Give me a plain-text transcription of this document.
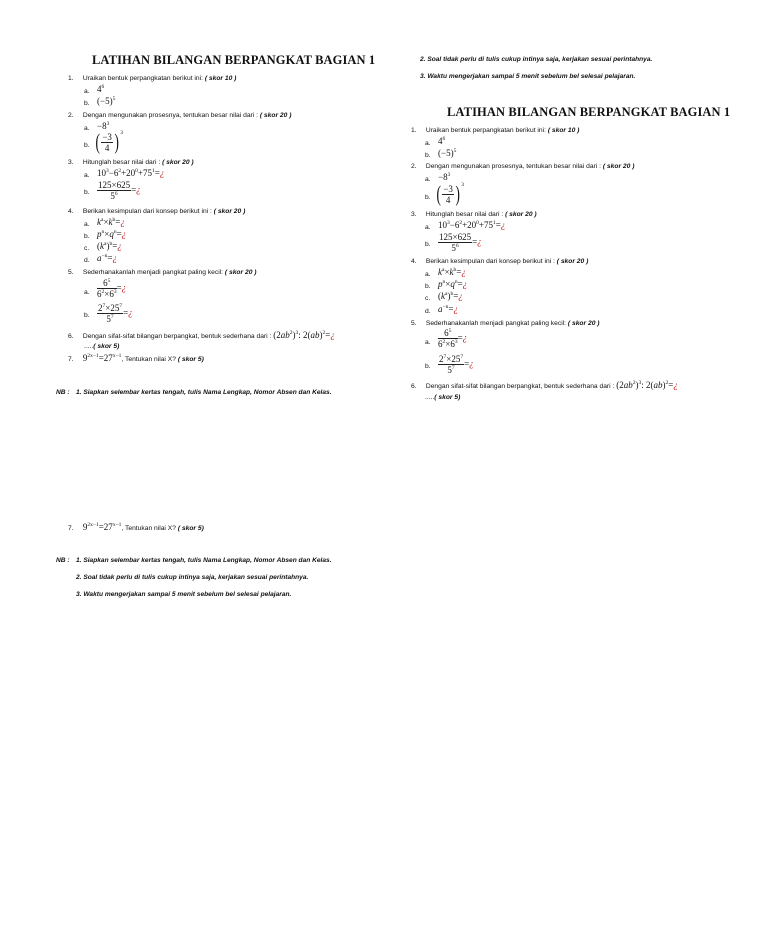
LATIHAN BILANGAN BERPANGKAT BAGIAN 1
1.     Uraikan bentuk perpangkatan berikut ini: ( skor 10 )
a. $4^6$
b. $(-5)^5$
2.     Dengan mengunakan prosesnya, tentukan besar nilai dari : ( skor 20 )
a. $-8^3$
b. ( $\frac{-3}{4} )^3$
3.     Hitunglah besar nilai dari : ( skor 20 )
a. $10^3-6^2+20^0+75^1=¿$
b. $\frac{125\times 625}{5^6}$ =¿
4.     Berikan kesimpulan dari konsep berikut ini : ( skor 20 )
a. $k^a\times k^b=¿$
b. $p^n\times q^n=¿$
c. $(k^a)^b=¿$
d. $a^{-n}=¿$
5.     Sederhanakanlah menjadi pangkat paling kecil: ( skor 20 )
a. $\frac{6^5}{6^2\times 6^3}$ =¿
b. $\frac{2^7\times 25^7}{5^7}$ =¿
6.     Dengan sifat-sifat bilangan berpangkat, bentuk sederhana dari : $(2ab^2)^3$: 2(ab)$^2$=¿
.....( skor 5)
7.     $9^{2x-1}=27^{x-1}$, Tentukan nilai X? ( skor 5)
NB : 1. Siapkan selembar kertas tengah, tulis Nama Lengkap, Nomor Absen dan Kelas.
7.     $9^{2x-1}=27^{x-1}$, Tentukan nilai X? ( skor 5)
NB : 1. Siapkan selembar kertas tengah, tulis Nama Lengkap, Nomor Absen dan Kelas.
2. Soal tidak perlu di tulis cukup intinya saja, kerjakan sesuai perintahnya.
3. Waktu mengerjakan sampai 5 menit sebelum bel selesai pelajaran.
2. Soal tidak perlu di tulis cukup intinya saja, kerjakan sesuai perintahnya.
3. Waktu mengerjakan sampai 5 menit sebelum bel selesai pelajaran.
LATIHAN BILANGAN BERPANGKAT BAGIAN 1
1.     Uraikan bentuk perpangkatan berikut ini: ( skor 10 )
a. $4^6$
b. $(-5)^5$
2.     Dengan mengunakan prosesnya, tentukan besar nilai dari : ( skor 20 )
a. $-8^3$
b. ( $\frac{-3}{4} )^3$
3.     Hitunglah besar nilai dari : ( skor 20 )
a. $10^3-6^2+20^0+75^1=¿$
b. $\frac{125\times 625}{5^6}$ =¿
4.     Berikan kesimpulan dari konsep berikut ini : ( skor 20 )
a. $k^a\times k^b=¿$
b. $p^n\times q^n=¿$
c. $(k^a)^b=¿$
d. $a^{-n}=¿$
5.     Sederhanakanlah menjadi pangkat paling kecil: ( skor 20 )
a. $\frac{6^5}{6^2\times 6^3}$ =¿
b. $\frac{2^7\times 25^7}{5^7}$ =¿
6.     Dengan sifat-sifat bilangan berpangkat, bentuk sederhana dari : $(2ab^2)^3$: 2(ab)$^2$=¿
.....( skor 5)
